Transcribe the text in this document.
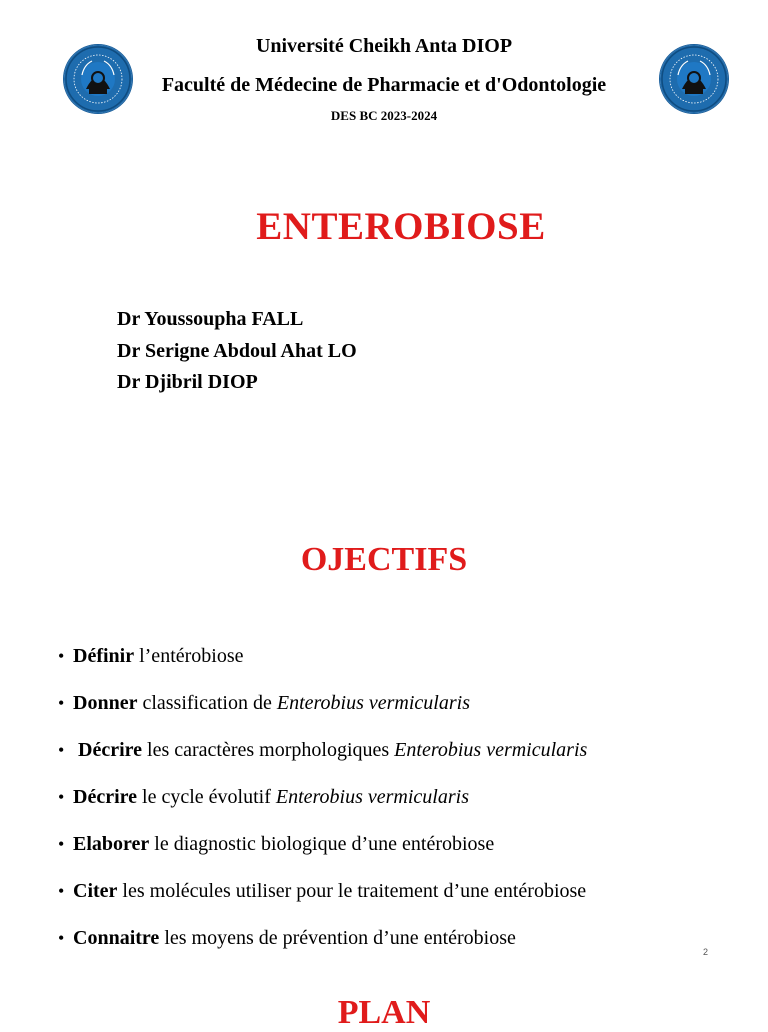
Université Cheikh Anta DIOP
Faculté de Médecine de Pharmacie et d'Odontologie
DES BC 2023-2024
ENTEROBIOSE
Dr Youssoupha FALL
Dr Serigne Abdoul Ahat LO
Dr Djibril DIOP
OJECTIFS
• Définir l’entérobiose
• Donner classification de Enterobius vermicularis
• Décrire les caractères morphologiques Enterobius vermicularis
• Décrire le cycle évolutif Enterobius vermicularis
• Elaborer le diagnostic biologique d’une entérobiose
• Citer les molécules utiliser pour le traitement d’une entérobiose
• Connaitre les moyens de prévention d’une entérobiose
2
PLAN
